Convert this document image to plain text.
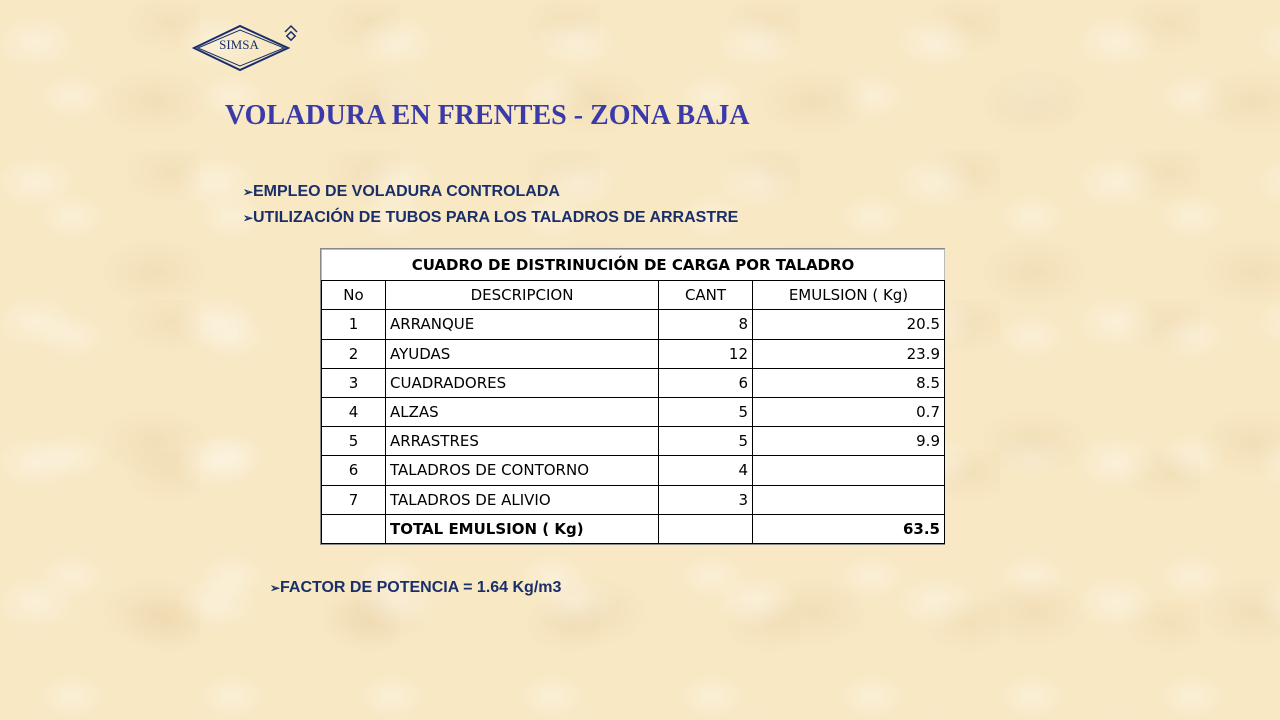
SIMSA
VOLADURA EN FRENTES - ZONA BAJA
➢EMPLEO DE VOLADURA CONTROLADA
➢UTILIZACIÓN DE TUBOS PARA LOS TALADROS DE ARRASTRE
CUADRO DE DISTRINUCIÓN DE CARGA POR TALADRO			
No	DESCRIPCION	CANT	EMULSION ( Kg)
1	ARRANQUE	8	20.5
2	AYUDAS	12	23.9
3	CUADRADORES	6	8.5
4	ALZAS	5	0.7
5	ARRASTRES	5	9.9
6	TALADROS DE CONTORNO	4	
7	TALADROS DE ALIVIO	3	
	TOTAL EMULSION ( Kg)		63.5
➢FACTOR DE POTENCIA = 1.64 Kg/m3
